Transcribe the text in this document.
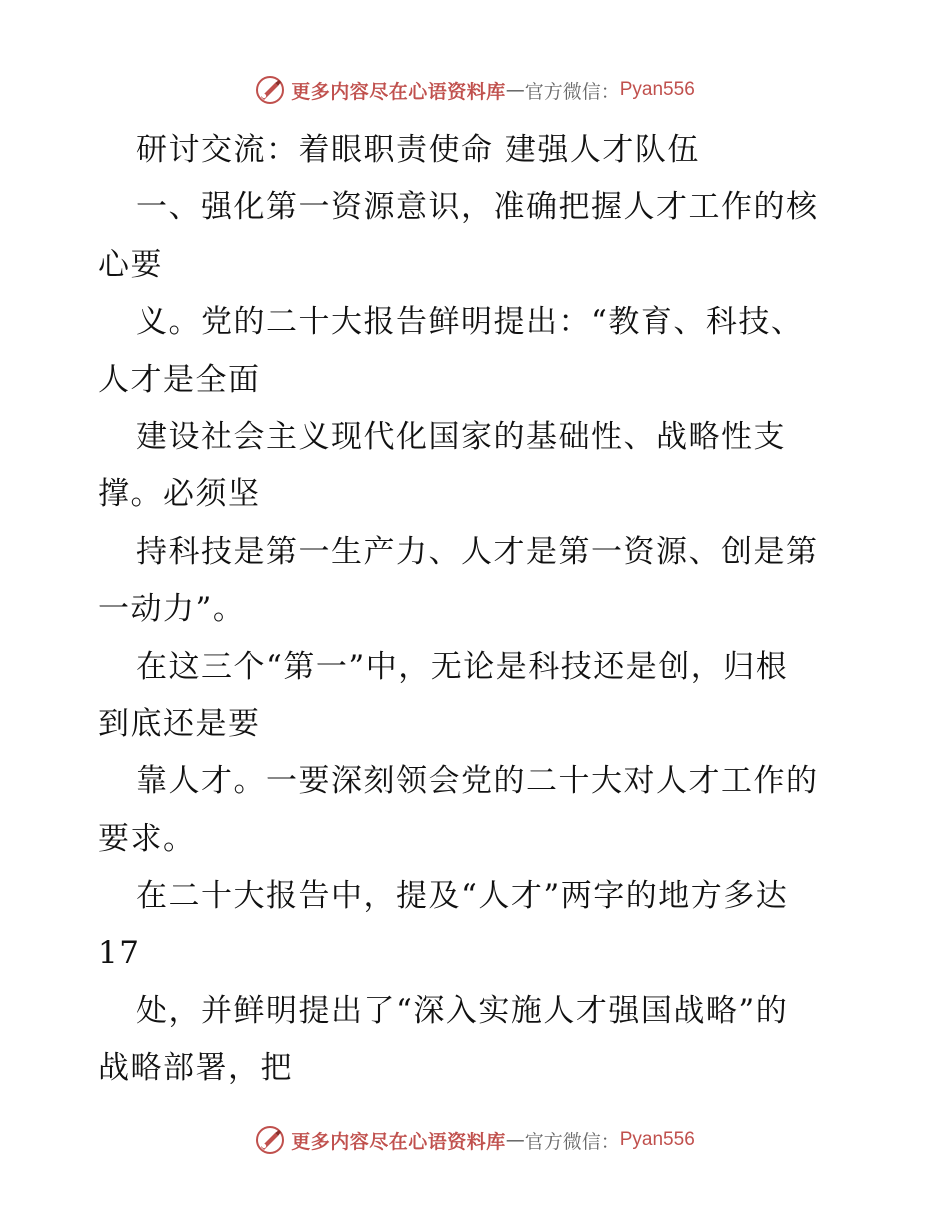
更多内容尽在心语资料库 — 官方微信： Pyan556
研讨交流：着眼职责使命 建强人才队伍
一、强化第一资源意识，准确把握人才工作的核
心要
义。党的二十大报告鲜明提出：“教育、科技、
人才是全面
建设社会主义现代化国家的基础性、战略性支
撑。必须坚
持科技是第一生产力、人才是第一资源、创是第
一动力”。
在这三个“第一”中，无论是科技还是创，归根
到底还是要
靠人才。一要深刻领会党的二十大对人才工作的
要求。
在二十大报告中，提及“人才”两字的地方多达
17
处，并鲜明提出了“深入实施人才强国战略”的
战略部署，把
更多内容尽在心语资料库 — 官方微信： Pyan556
